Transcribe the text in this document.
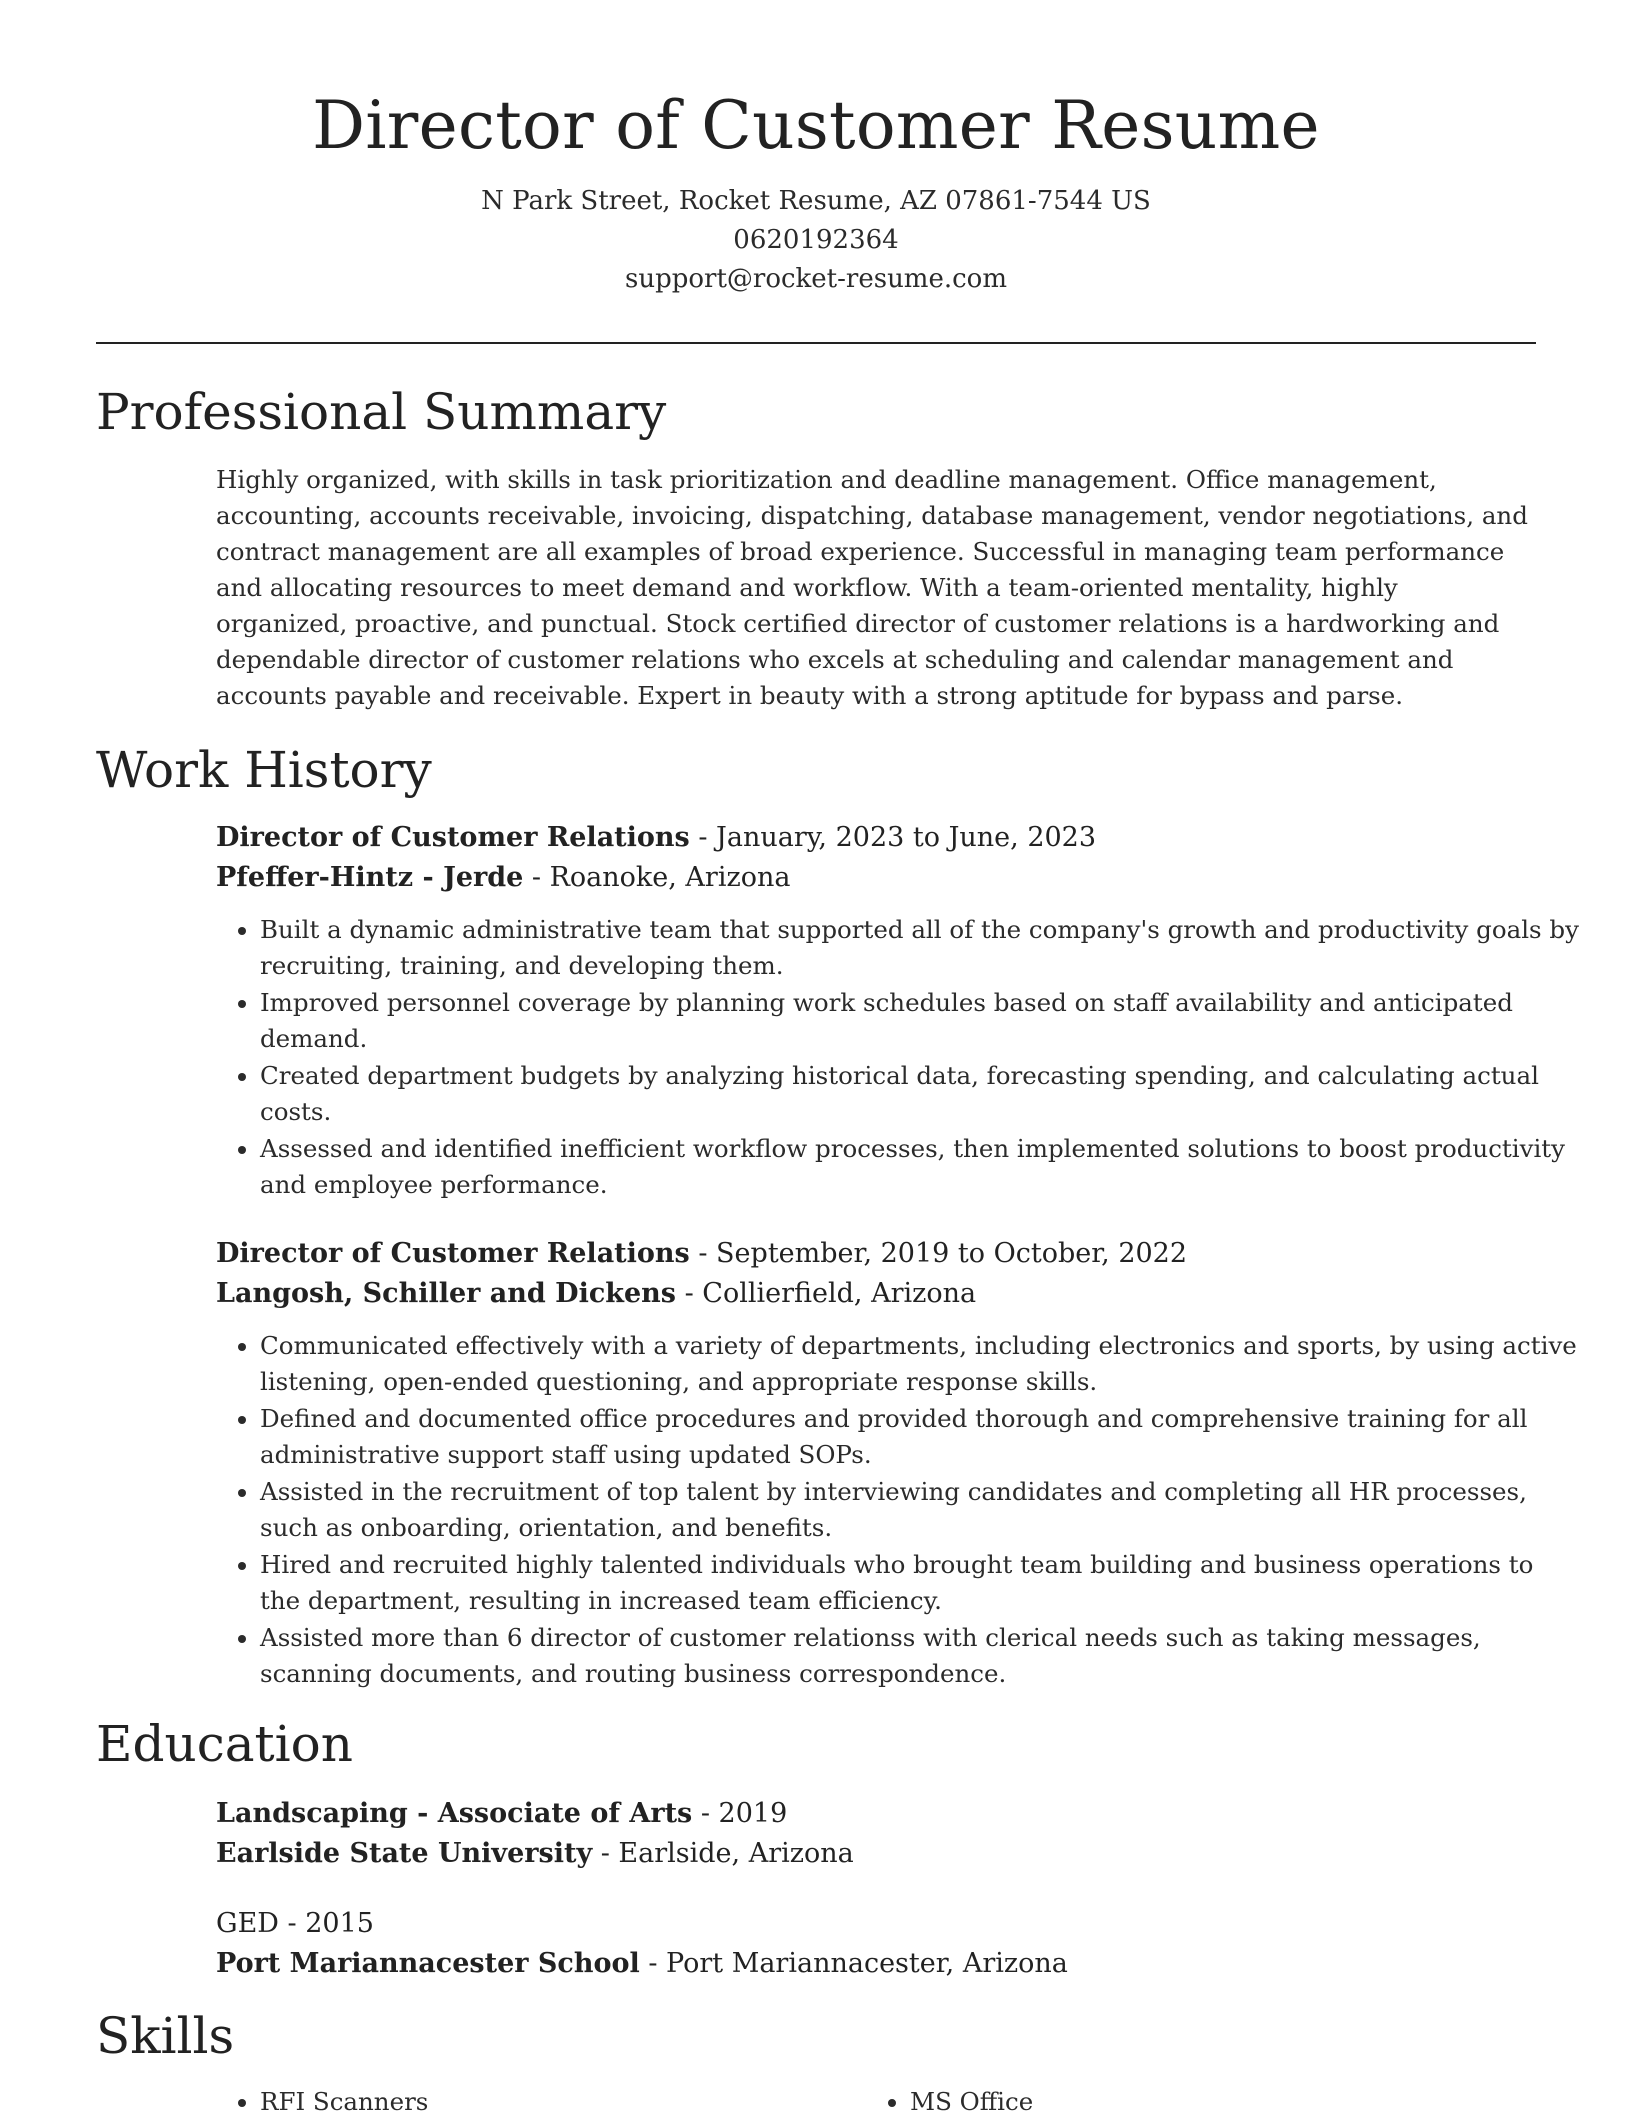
Director of Customer Resume
N Park Street, Rocket Resume, AZ 07861-7544 US
0620192364
support@rocket-resume.com
Professional Summary

Highly organized, with skills in task prioritization and deadline management. Office management, accounting, accounts receivable, invoicing, dispatching, database management, vendor negotiations, and contract management are all examples of broad experience. Successful in managing team performance and allocating resources to meet demand and workflow. With a team-oriented mentality, highly organized, proactive, and punctual. Stock certified director of customer relations is a hardworking and dependable director of customer relations who excels at scheduling and calendar management and accounts payable and receivable. Expert in beauty with a strong aptitude for bypass and parse.

Work History
Director of Customer Relations - January, 2023 to June, 2023
Pfeffer-Hintz - Jerde - Roanoke, Arizona
• Built a dynamic administrative team that supported all of the company's growth and productivity goals by recruiting, training, and developing them.
• Improved personnel coverage by planning work schedules based on staff availability and anticipated demand.
• Created department budgets by analyzing historical data, forecasting spending, and calculating actual costs.
• Assessed and identified inefficient workflow processes, then implemented solutions to boost productivity and employee performance.
Director of Customer Relations - September, 2019 to October, 2022
Langosh, Schiller and Dickens - Collierfield, Arizona
• Communicated effectively with a variety of departments, including electronics and sports, by using active listening, open-ended questioning, and appropriate response skills.
• Defined and documented office procedures and provided thorough and comprehensive training for all administrative support staff using updated SOPs.
• Assisted in the recruitment of top talent by interviewing candidates and completing all HR processes, such as onboarding, orientation, and benefits.
• Hired and recruited highly talented individuals who brought team building and business operations to the department, resulting in increased team efficiency.
• Assisted more than 6 director of customer relationss with clerical needs such as taking messages, scanning documents, and routing business correspondence.
Education
Landscaping - Associate of Arts - 2019
Earlside State University - Earlside, Arizona
GED - 2015
Port Mariannacester School - Port Mariannacester, Arizona
Skills
• RFI Scanners
•	MS Office
